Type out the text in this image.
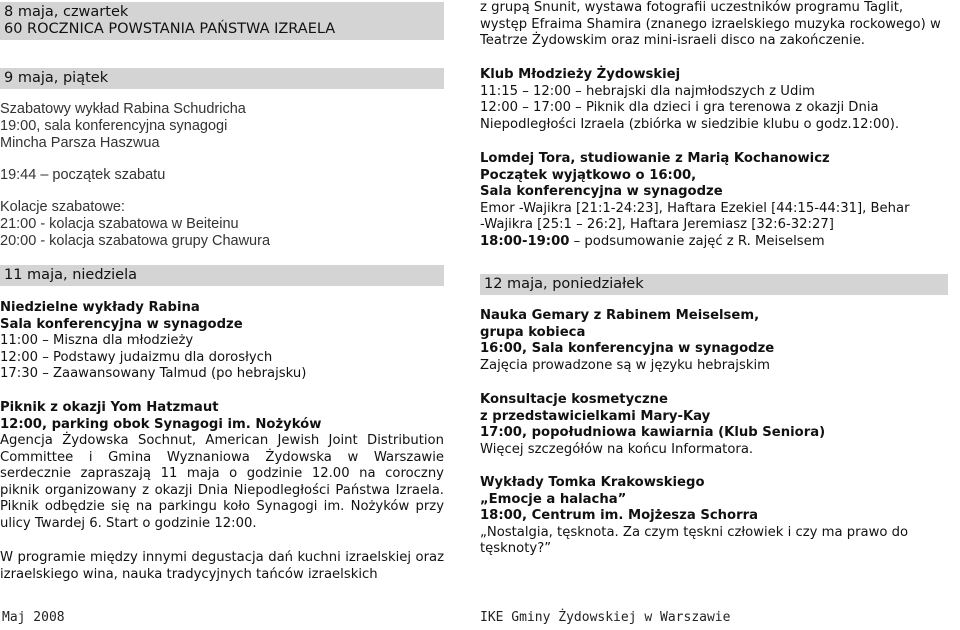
8 maja, czwartek
60 ROCZNICA POWSTANIA PAŃSTWA IZRAELA
9 maja, piątek

Szabatowy wykład Rabina Schudricha

19:00, sala konferencyjna synagogi

Mincha Parsza Haszwua

19:44 – początek szabatu

Kolacje szabatowe:

21:00 - kolacja szabatowa w Beiteinu

20:00 - kolacja szabatowa grupy Chawura

11 maja, niedziela

Niedzielne wykłady Rabina

Sala konferencyjna w synagodze

11:00 – Miszna dla młodzieży

12:00 – Podstawy judaizmu dla dorosłych

17:30 – Zaawansowany Talmud (po hebrajsku)

Piknik z okazji Yom Hatzmaut

12:00, parking obok Synagogi im. Nożyków

Agencja Żydowska Sochnut, American Jewish Joint Distribution Committee i Gmina Wyznaniowa Żydowska w Warszawie serdecznie zapraszają 11 maja o godzinie 12.00 na coroczny piknik organizowany z okazji Dnia Niepodległości Państwa Izraela. Piknik odbędzie się na parkingu koło Synagogi im. Nożyków przy ulicy Twardej 6. Start o godzinie 12:00.

W programie między innymi degustacja dań kuchni izraelskiej oraz izraelskiego wina, nauka tradycyjnych tańców izraelskich

z grupą Snunit, wystawa fotografii uczestników programu Taglit, występ Efraima Shamira (znanego izraelskiego muzyka rockowego) w Teatrze Żydowskim oraz mini-israeli disco na zakończenie.

Klub Młodzieży Żydowskiej

11:15 – 12:00 – hebrajski dla najmłodszych z Udim

12:00 – 17:00 – Piknik dla dzieci i gra terenowa z okazji Dnia

Niepodległości Izraela (zbiórka w siedzibie klubu o godz.12:00).

Lomdej Tora, studiowanie z Marią Kochanowicz

Początek wyjątkowo o 16:00,

Sala konferencyjna w synagodze

Emor -Wajikra [21:1-24:23], Haftara Ezekiel [44:15-44:31], Behar

-Wajikra [25:1 – 26:2], Haftara Jeremiasz [32:6-32:27]

18:00-19:00 – podsumowanie zajęć z R. Meiselsem

12 maja, poniedziałek

Nauka Gemary z Rabinem Meiselsem,

grupa kobieca

16:00, Sala konferencyjna w synagodze

Zajęcia prowadzone są w języku hebrajskim

Konsultacje kosmetyczne

z przedstawicielkami Mary-Kay

17:00, popołudniowa kawiarnia (Klub Seniora)

Więcej szczegółów na końcu Informatora.

Wykłady Tomka Krakowskiego

„Emocje a halacha”

18:00, Centrum im. Mojżesza Schorra

„Nostalgia, tęsknota. Za czym tęskni człowiek i czy ma prawo do tęsknoty?”

Maj 2008	IKE Gminy Żydowskiej w Warszawie
